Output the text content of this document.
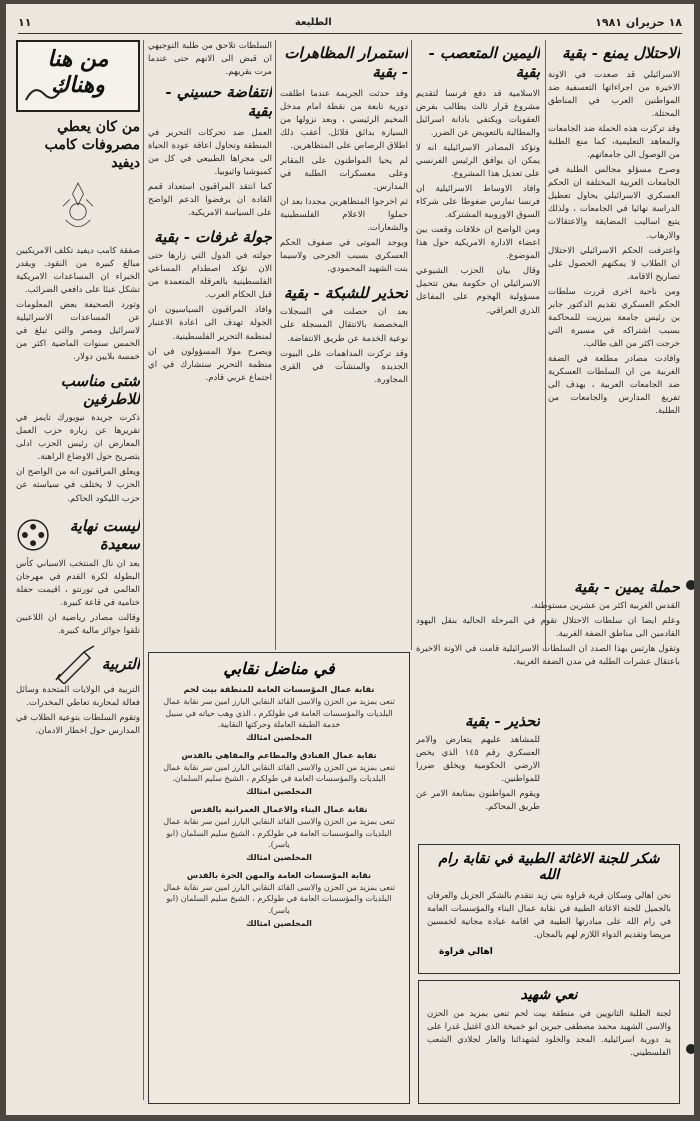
١٨ حزيران ١٩٨١
الطليعة
١١
الاحتلال يمنع - بقية

الاسرائيلي قد صعدت في الاونة الاخيرة من اجراءاتها التعسفية ضد المواطنين العرب في المناطق المحتلة.

وقد تركزت هذه الحملة ضد الجامعات والمعاهد التعليمية، كما منع الطلبة من الوصول الى جامعاتهم.

وصرح مسؤلو مجالس الطلبة في الجامعات العربية المختلفة ان الحكم العسكري الاسرائيلي يحاول تعطيل الدراسة نهائيا في الجامعات ، ولذلك يتبع اساليب المضايقة والاعتقالات والارهاب.

واعترفت الحكم الاسرائيلي الاحتلال ان الطلاب لا يمكنهم الحصول على تصاريح الاقامة.

ومن ناحية اخرى قررت سلطات الحكم العسكري تقديم الدكتور جابر بن رئيس جامعة بيرزيت للمحاكمة بسبب اشتراكه في مسيرة التي خرجت اكثر من الف طالب.

وافادت مصادر مطلعة في الضفة الغربية من ان السلطات العسكرية ضد الجامعات العربية ، بهدف الى تفريغ المدارس والجامعات من الطلبة.

حملة يمين - بقية

القدس الغربية اكثر من عشرين مستوطنة.

وعلم ايضا ان سلطات الاحتلال تقوم في المرحلة الحالية بنقل اليهود القادمين الى مناطق الضفة الغربية.

وتقول هارتس بهذا الصدد ان السلطات الاسرائيلية قامت في الاونة الاخيرة باعتقال عشرات الطلبة في مدن الضفة الغربية.

اليمين المتعصب - بقية

الاسلامية قد دفع فرنسا لتقديم مشروع قرار ثالث يطالب بفرض العقوبات ويكتفي بادانة اسرائيل والمطالبة بالتعويض عن الضرر.

وتؤكد المصادر الاسرائيلية انه لا يمكن ان يوافق الرئيس الفرنسي على تعديل هذا المشروع.

وافاد الاوساط الاسرائيلية ان فرنسا تمارس ضغوطا على شركاء السوق الاوروبية المشتركة.

ومن الواضح ان خلافات وقعت بين اعضاء الادارة الامريكية حول هذا الموضوع.

وقال بيان الحزب الشيوعي الاسرائيلي ان حكومة بيغن تتحمل مسؤولية الهجوم على المفاعل الذري العراقي.

استمرار المظاهرات - بقية

وقد حدثت الجريمة عندما اطلقت دورية تابعة من نقطة امام مدخل المخيم الرئيسي ، وبعد نزولها من السيارة بدائق قلائل. أعقب ذلك اطلاق الرصاص على المتظاهرين.

لم يحيا المواطنون على المقابر وعلى معسكرات الطلبة في المدارس.

ثم اخرجوا المتظاهرين مجددا بعد ان حملوا الاعلام الفلسطينية والشعارات.

ويوجد الموتى في صفوف الحكم العسكري بسبب الجرحى ولاسيما بنت الشهيد المحمودي.

تحذير للشبكة - بقية

بعد ان حصلت في السجلات المخصصة بالانتقال المسجلة على نوعية الخدمة عن طريق الانتفاضة.

وقد تركزت المداهمات على البيوت الجديدة والمنشآت في القرى المجاورة.

السلطات تلاحق من طلبة التوجيهي ان قبض الى الانهم حتى عندما مرت بقريهم.

انتفاضة حسيني - بقية

العمل ضد تحركات التحرير في المنطقة وتحاول اعاقة عودة الحياة الى مجراها الطبيعي في كل من كمبوشيا واثيوبيا.

كما انتقد المراقبون استعداد قمم القادة ان يرفضوا الدعم الواضح على السياسة الامريكية.

جولة غرفات - بقية

جولته في الدول التي زارها حتى الان تؤكد اصطدام المساعي الفلسطينية بالعرقلة المتعمدة من قبل الحكام العرب.

وافاد المراقبون السياسيون ان الجولة تهدف الى اعادة الاعتبار لمنظمة التحرير الفلسطينية.

ويصرح مولا المسؤولون في ان منظمة التحرير ستشارك في اي اجتماع عربي قادم.

من هنا وهناك
من كان يعطي مصروفات كامب ديفيد

صفقة كامب ديفيد تكلف الامريكيين مبالغ كبيرة من النقود. ويقدر الخبراء ان المساعدات الامريكية تشكل عبئا على دافعي الضرائب.

وتورد الصحيفة بعض المعلومات عن المساعدات الاسرائيلية لاسرائيل ومصر والتي تبلغ في الخمس سنوات الماضية اكثر من خمسة بلايين دولار.

شتى مناسب للاطرفين

ذكرت جريدة نيويورك تايمز في تقريرها عن زيارة حزب العمل المعارض ان رئيس الحزب ادلى بتصريح حول الاوضاع الراهنة.

ويعلق المراقبون انه من الواضح ان الحزب لا يختلف في سياسته عن حزب الليكود الحاكم.

ليست نهاية سعيدة

بعد ان نال المنتخب الاسباني كأس البطولة لكرة القدم في مهرجان العالمي في تورنتو ، اقيمت حفلة ختامية في قاعة كبيرة.

وقالت مصادر رياضية ان اللاعبين تلقوا جوائز مالية كبيرة.

التربية

التربية في الولايات المتحدة وسائل فعالة لمحاربة تعاطي المخدرات.

وتقوم السلطات بتوعية الطلاب في المدارس حول اخطار الادمان.

تحذير - بقية

للمشاهد عليهم يتعارض والامر العسكري رقم ١٤٥ الذي يخص الارضي الحكومية ويخلق ضررا للمواطنين.

ويقوم المواطنون بمتابعة الامر عن طريق المحاكم.

في مناضل نقابي
نقابة عمال المؤسسات العامة للمنطقة بيت لحم
تنعى بمزيد من الحزن والاسى القائد النقابي البارز امين سر نقابة عمال البلديات والمؤسسات العامة في طولكرم ، الذي وهب حياته في سبيل خدمة الطبقة العاملة وحركتها النقابية.
المخلصين امثالك
نقابة عمال الفنادق والمطاعم والمقاهي بالقدس
تنعى بمزيد من الحزن والاسى القائد النقابي البارز امين سر نقابة عمال البلديات والمؤسسات العامة في طولكرم ، الشيخ سليم السلمان.
المخلصين امثالك
نقابة عمال البناء والاعمال العمرانية بالقدس
تنعى بمزيد من الحزن والاسى القائد النقابي البارز امين سر نقابة عمال البلديات والمؤسسات العامة في طولكرم ، الشيخ سليم السلمان (ابو ياسر).
المخلصين امثالك
نقابة المؤسسات العامة والمهن الحرة بالقدس
تنعى بمزيد من الحزن والاسى القائد النقابي البارز امين سر نقابة عمال البلديات والمؤسسات العامة في طولكرم ، الشيخ سليم السلمان (ابو ياسر).
المخلصين امثالك
شكر للجنة الاغاثة الطبية في نقابة رام الله
نحن اهالي وسكان قرية قراوة بني زيد نتقدم بالشكر الجزيل والعرفان بالجميل للجنة الاغاثة الطبية في نقابة عمال البناء والمؤسسات العامة في رام الله على مبادرتها الطيبة في اقامة عيادة مجانية لخمسين مريضا وتقديم الدواء اللازم لهم بالمجان.
اهالي قراوة
نعي شهيد
لجنة الطلبة الثانويين في منطقة بيت لحم تنعي بمزيد من الحزن والاسى الشهيد محمد مصطفى جبرين ابو خميخة الذي اغتيل غدرا على يد دورية اسرائيلية. المجد والخلود لشهدائنا والعار لجلادي الشعب الفلسطيني.
